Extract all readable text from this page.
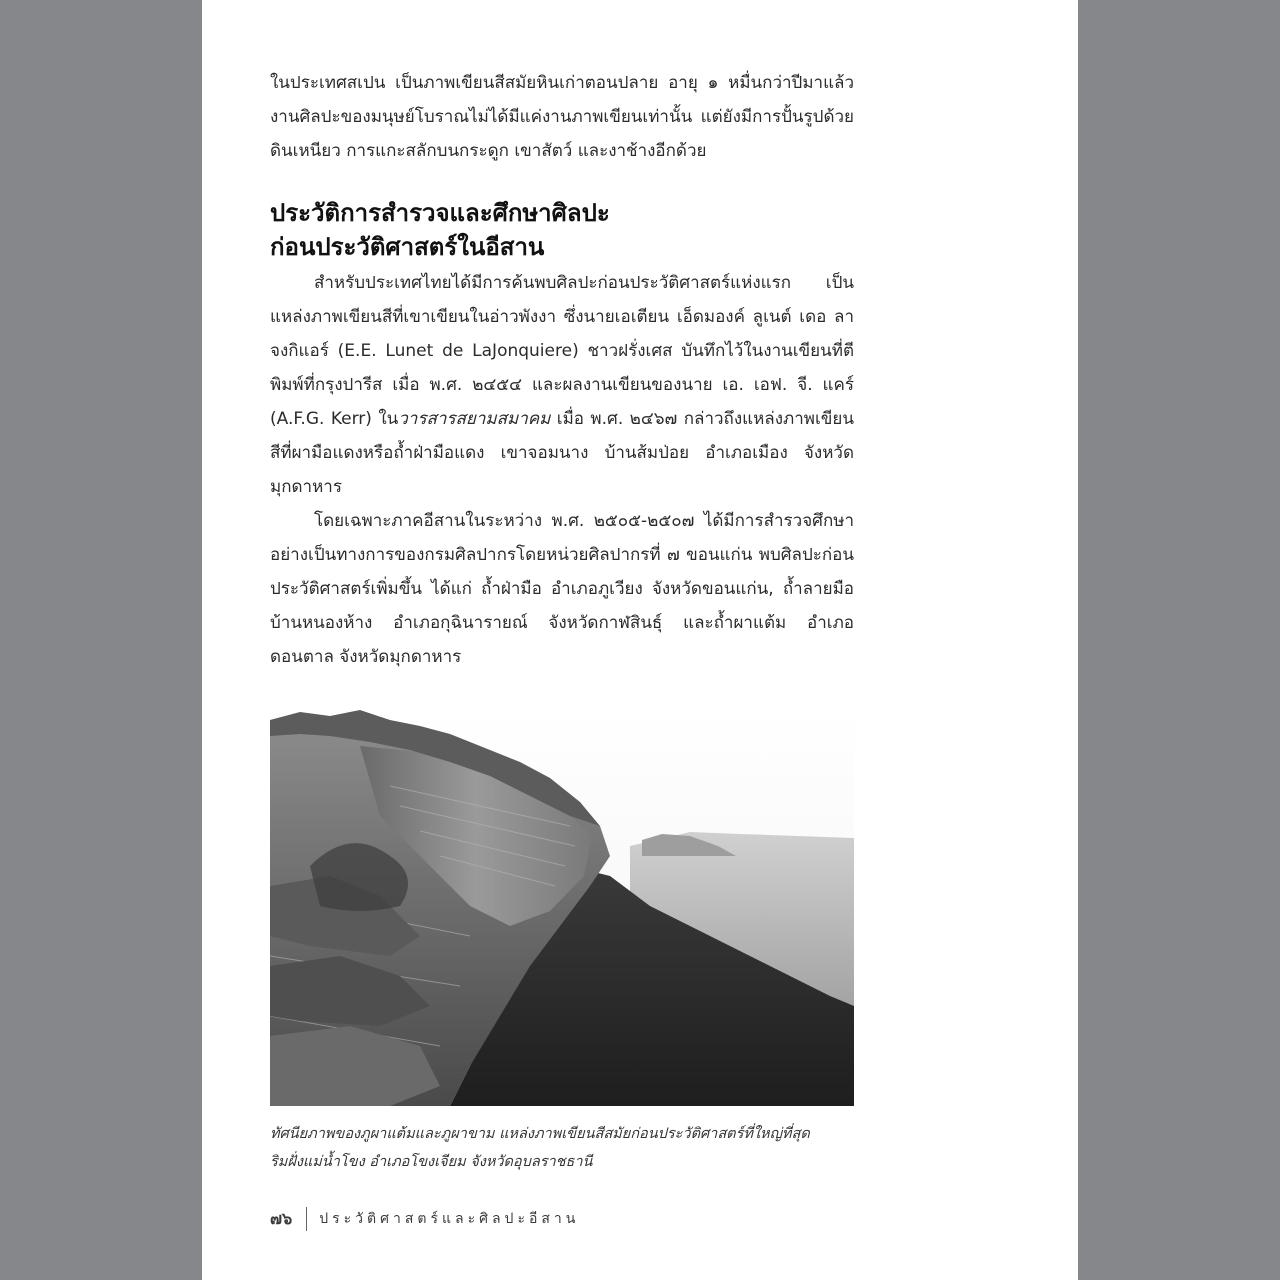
ในประเทศสเปน เป็นภาพเขียนสีสมัยหินเก่าตอนปลาย อายุ ๑ หมื่นกว่าปีมาแล้ว งานศิลปะของมนุษย์โบราณไม่ได้มีแค่งานภาพเขียนเท่านั้น แต่ยังมีการปั้นรูปด้วยดินเหนียว การแกะสลักบนกระดูก เขาสัตว์ และงาช้างอีกด้วย

ประวัติการสำรวจและศึกษาศิลปะ
ก่อนประวัติศาสตร์ในอีสาน

สำหรับประเทศไทยได้มีการค้นพบศิลปะก่อนประวัติศาสตร์แห่งแรก เป็นแหล่งภาพเขียนสีที่เขาเขียนในอ่าวพังงา ซึ่งนายเอเตียน เอ็ดมองค์ ลูเนต์ เดอ ลาจงกิแอร์ (E.E. Lunet de LaJonquiere) ชาวฝรั่งเศส บันทึกไว้ในงานเขียนที่ตีพิมพ์ที่กรุงปารีส เมื่อ พ.ศ. ๒๔๕๔ และผลงานเขียนของนาย เอ. เอฟ. จี. แคร์ (A.F.G. Kerr) ในวารสารสยามสมาคม เมื่อ พ.ศ. ๒๔๖๗ กล่าวถึงแหล่งภาพเขียนสีที่ผามือแดงหรือถ้ำฝ่ามือแดง เขาจอมนาง บ้านส้มป่อย อำเภอเมือง จังหวัดมุกดาหาร

โดยเฉพาะภาคอีสานในระหว่าง พ.ศ. ๒๕๐๕-๒๕๐๗ ได้มีการสำรวจศึกษาอย่างเป็นทางการของกรมศิลปากรโดยหน่วยศิลปากรที่ ๗ ขอนแก่น พบศิลปะก่อนประวัติศาสตร์เพิ่มขึ้น ได้แก่ ถ้ำฝ่ามือ อำเภอภูเวียง จังหวัดขอนแก่น, ถ้ำลายมือ บ้านหนองห้าง อำเภอกุฉินารายณ์ จังหวัดกาฬสินธุ์ และถ้ำผาแต้ม อำเภอดอนตาล จังหวัดมุกดาหาร

ทัศนียภาพของภูผาแต้มและภูผาขาม แหล่งภาพเขียนสีสมัยก่อนประวัติศาสตร์ที่ใหญ่ที่สุด
ริมฝั่งแม่น้ำโขง อำเภอโขงเจียม จังหวัดอุบลราชธานี
๗๖ ประวัติศาสตร์และศิลปะอีสาน
